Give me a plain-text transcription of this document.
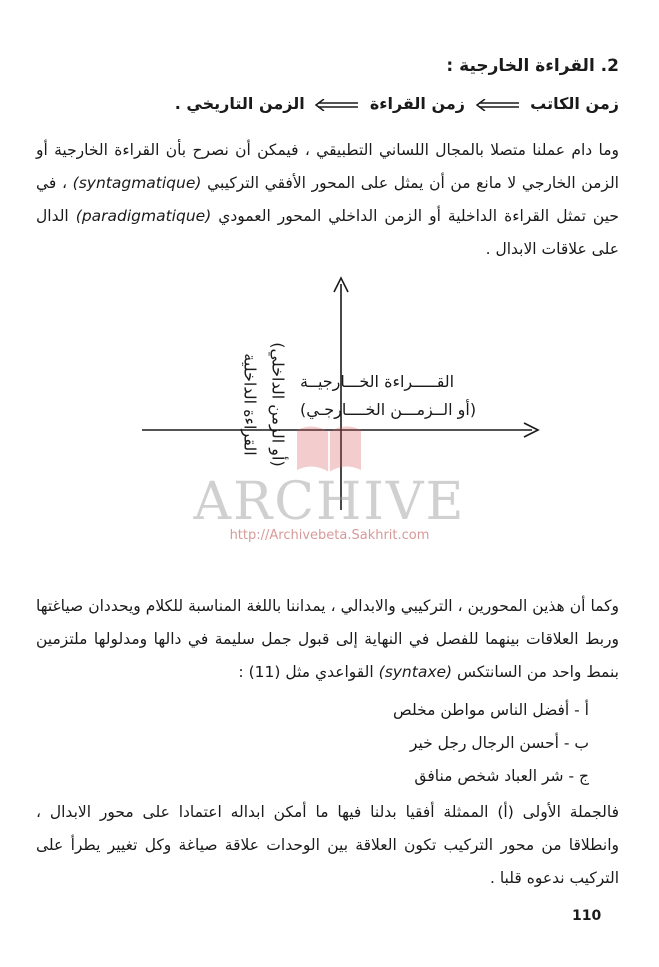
2. القراءة الخارجية :
زمن الكاتب  زمن القراءة  الزمن التاريخي .
وما دام عملنا متصلا بالمجال اللساني التطبيقي ، فيمكن أن نصرح بأن القراءة الخارجية أو الزمن الخارجي لا مانع من أن يمثل على المحور الأفقي التركيبي (syntagmatique) ، في حين تمثل القراءة الداخلية أو الزمن الداخلي المحور العمودي (paradigmatique) الدال على علاقات الابدال .
القـــــراءة الخـــارجيــة
(أو الــزمـــن الخــــارجـي)
القراءة الداخلية (أو الزمن الداخلي)
ARCHIVE
http://Archivebeta.Sakhrit.com
وكما أن هذين المحورين ، التركيبي والابدالي ، يمداننا باللغة المناسبة للكلام ويحددان صياغتها وربط العلاقات بينهما للفصل في النهاية إلى قبول جمل سليمة في دالها ومدلولها ملتزمين بنمط واحد من السانتكس (syntaxe) القواعدي مثل (11) :
أ - أفضل الناس مواطن مخلص
ب - أحسن الرجال رجل خير
ج - شر العباد شخص منافق
فالجملة الأولى (أ) الممثلة أفقيا بدلنا فيها ما أمكن ابداله اعتمادا على محور الابدال ، وانطلاقا من محور التركيب تكون العلاقة بين الوحدات علاقة صياغة وكل تغيير يطرأ على التركيب ندعوه قلبا .
110
